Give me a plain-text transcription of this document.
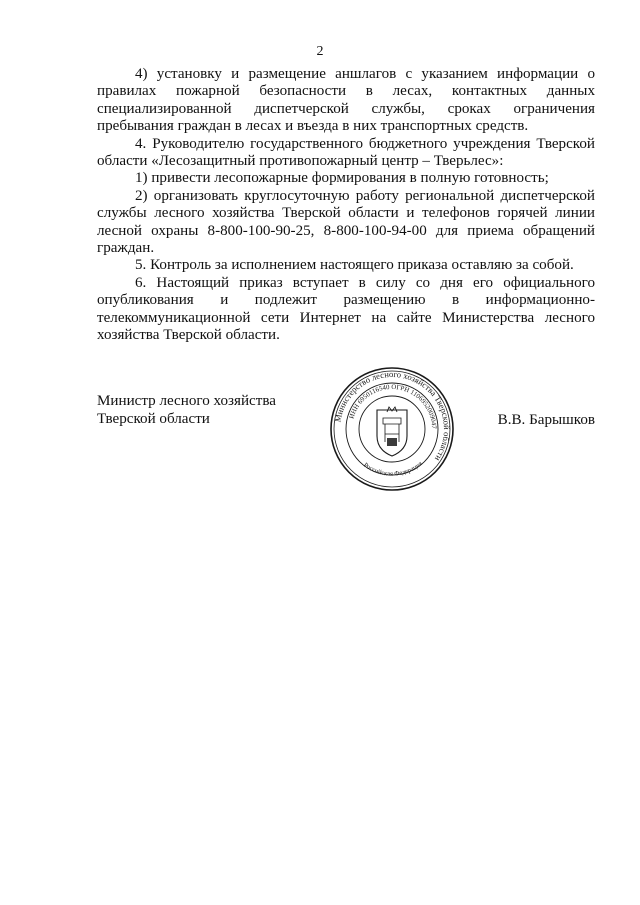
2

4) установку и размещение аншлагов с указанием информации о правилах пожарной безопасности в лесах, контактных данных специализированной диспетчерской службы, сроках ограничения пребывания граждан в лесах и въезда в них транспортных средств.

4. Руководителю государственного бюджетного учреждения Тверской области «Лесозащитный противопожарный центр – Тверьлес»:

1) привести лесопожарные формирования в полную готовность;

2) организовать круглосуточную работу региональной диспетчерской службы лесного хозяйства Тверской области и телефонов горячей линии лесной охраны 8-800-100-90-25, 8-800-100-94-00 для приема обращений граждан.

5. Контроль за исполнением настоящего приказа оставляю за собой.

6. Настоящий приказ вступает в силу со дня его официального опубликования и подлежит размещению в информационно-телекоммуникационной сети Интернет на сайте Министерства лесного хозяйства Тверской области.

Министр лесного хозяйства
Тверской области	Министерство лесного хозяйства Тверской области
ИНН 6950116540 ОГРН 1106952009047
Российская Федерация
В.В. Барышков
